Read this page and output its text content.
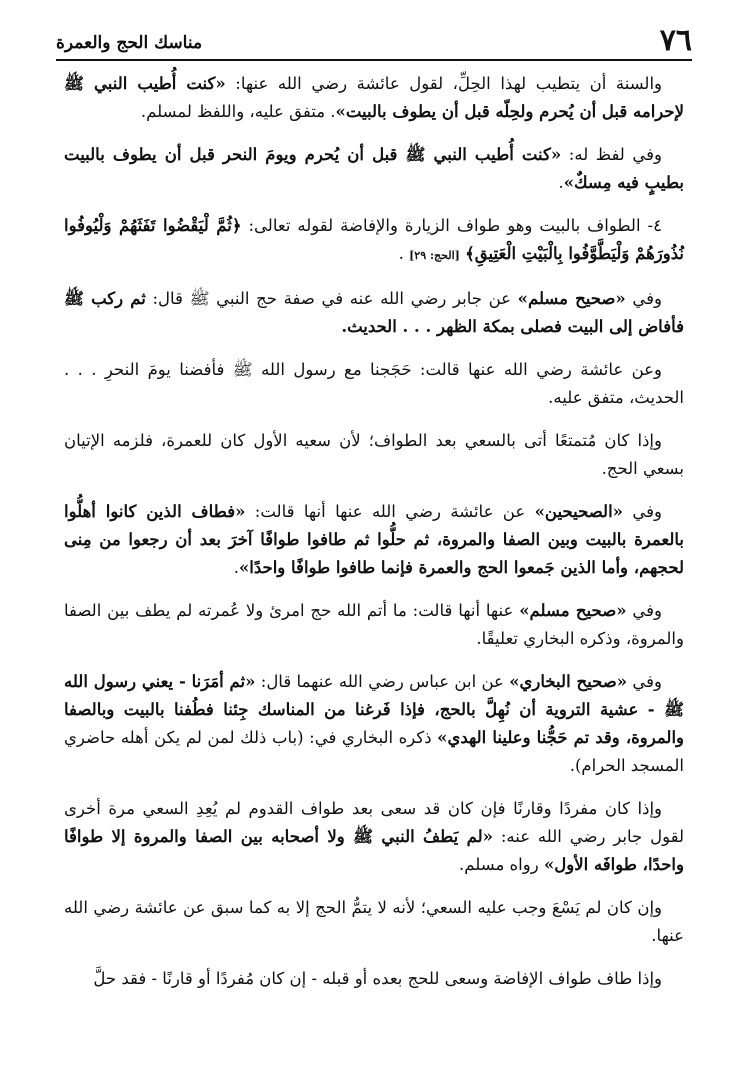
٧٦
مناسك الحج والعمرة

والسنة أن يتطيب لهذا الحِلِّ، لقول عائشة رضي الله عنها: «كنت أُطيب النبي ﷺ لإحرامه قبل أن يُحرم ولحِلّه قبل أن يطوف بالبيت». متفق عليه، واللفظ لمسلم.

وفي لفظ له: «كنت أُطيب النبي ﷺ قبل أن يُحرم ويومَ النحر قبل أن يطوف بالبيت بطيبٍ فيه مِسكٌ».

٤- الطواف بالبيت وهو طواف الزيارة والإفاضة لقوله تعالى: ﴿ثُمَّ لْيَقْضُوا تَفَثَهُمْ وَلْيُوفُوا نُذُورَهُمْ وَلْيَطَّوَّفُوا بِالْبَيْتِ الْعَتِيقِ﴾ [الحج: ٢٩] .

وفي «صحيح مسلم» عن جابر رضي الله عنه في صفة حج النبي ﷺ قال: ثم ركب ﷺ فأفاض إلى البيت فصلى بمكة الظهر . . . الحديث.

وعن عائشة رضي الله عنها قالت: حَجَجنا مع رسول الله ﷺ فأفضنا يومَ النحرِ . . . الحديث، متفق عليه.

وإذا كان مُتمتعًا أتى بالسعي بعد الطواف؛ لأن سعيه الأول كان للعمرة، فلزمه الإتيان بسعي الحج.

وفي «الصحيحين» عن عائشة رضي الله عنها أنها قالت: «فطاف الذين كانوا أهلُّوا بالعمرة بالبيت وبين الصفا والمروة، ثم حلُّوا ثم طافوا طوافًا آخرَ بعد أن رجعوا من مِنى لحجهم، وأما الذين جَمعوا الحج والعمرة فإنما طافوا طوافًا واحدًا».

وفي «صحيح مسلم» عنها أنها قالت: ما أتم الله حج امرئ ولا عُمرته لم يطف بين الصفا والمروة، وذكره البخاري تعليقًا.

وفي «صحيح البخاري» عن ابن عباس رضي الله عنهما قال: «ثم أمَرَنا - يعني رسول الله ﷺ - عشية التروية أن نُهِلَّ بالحج، فإذا فَرغنا من المناسك جِئنا فطُفنا بالبيت وبالصفا والمروة، وقد تم حَجُّنا وعلينا الهدي» ذكره البخاري في: (باب ذلك لمن لم يكن أهله حاضري المسجد الحرام).

وإذا كان مفردًا وقارنًا فإن كان قد سعى بعد طواف القدوم لم يُعِدِ السعي مرة أخرى لقول جابر رضي الله عنه: «لم يَطفُ النبي ﷺ ولا أصحابه بين الصفا والمروة إلا طوافًا واحدًا، طوافَه الأول» رواه مسلم.

وإن كان لم يَسْعَ وجب عليه السعي؛ لأنه لا يتمُّ الحج إلا به كما سبق عن عائشة رضي الله عنها.

وإذا طاف طواف الإفاضة وسعى للحج بعده أو قبله - إن كان مُفردًا أو قارنًا - فقد حلَّ
